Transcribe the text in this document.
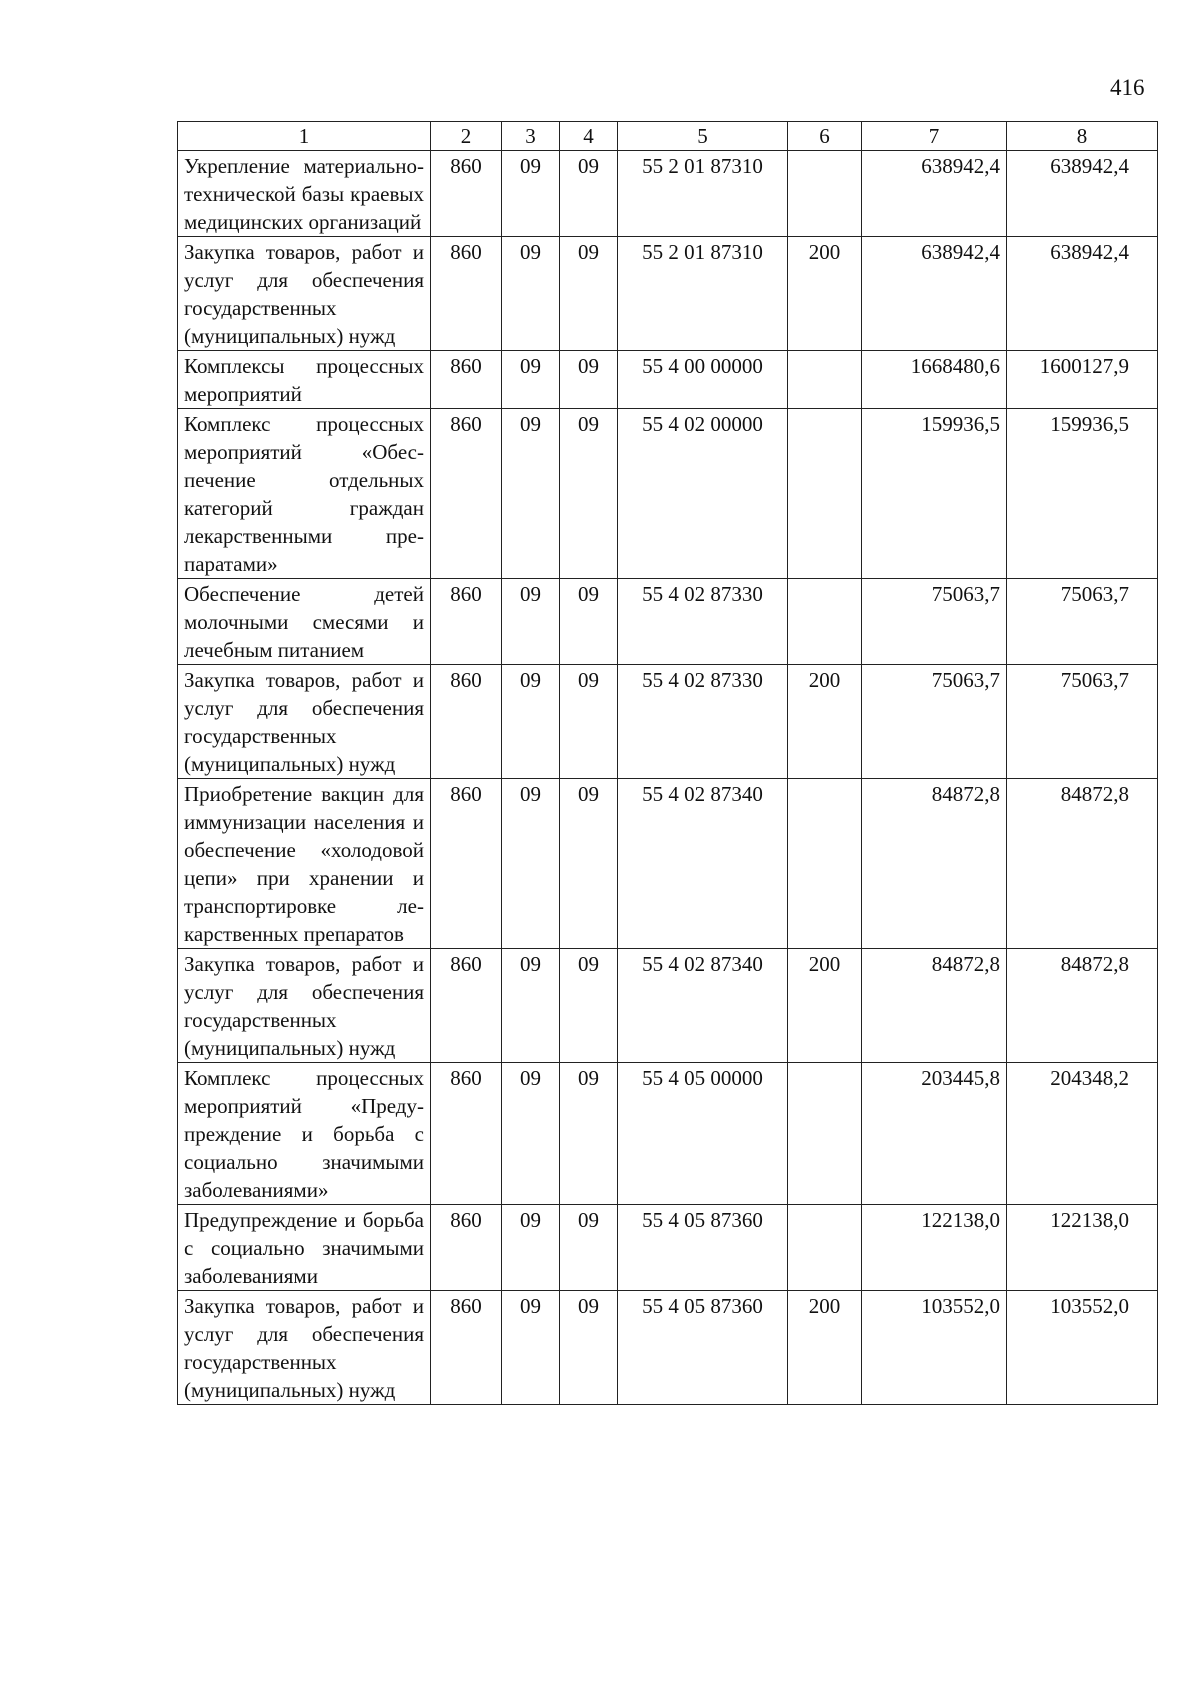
416
1	2	3	4	5	6	7	8
Укрепление материально-технической базы краевых медицинских организаций	860	09	09	55 2 01 87310		638942,4	638942,4
Закупка товаров, работ и услуг для обеспечения государственных (муниципальных) нужд	860	09	09	55 2 01 87310	200	638942,4	638942,4
Комплексы процессных мероприятий	860	09	09	55 4 00 00000		1668480,6	1600127,9
Комплекс процессных мероприятий «Обеспечение отдельных категорий граждан лекарственными препаратами»	860	09	09	55 4 02 00000		159936,5	159936,5
Обеспечение детей молочными смесями и лечебным питанием	860	09	09	55 4 02 87330		75063,7	75063,7
Закупка товаров, работ и услуг для обеспечения государственных (муниципальных) нужд	860	09	09	55 4 02 87330	200	75063,7	75063,7
Приобретение вакцин для иммунизации населения и обеспечение «холодовой цепи» при хранении и транспортировке лекарственных препаратов	860	09	09	55 4 02 87340		84872,8	84872,8
Закупка товаров, работ и услуг для обеспечения государственных (муниципальных) нужд	860	09	09	55 4 02 87340	200	84872,8	84872,8
Комплекс процессных мероприятий «Предупреждение и борьба с социально значимыми заболеваниями»	860	09	09	55 4 05 00000		203445,8	204348,2
Предупреждение и борьба с социально значимыми заболеваниями	860	09	09	55 4 05 87360		122138,0	122138,0
Закупка товаров, работ и услуг для обеспечения государственных (муниципальных) нужд	860	09	09	55 4 05 87360	200	103552,0	103552,0
